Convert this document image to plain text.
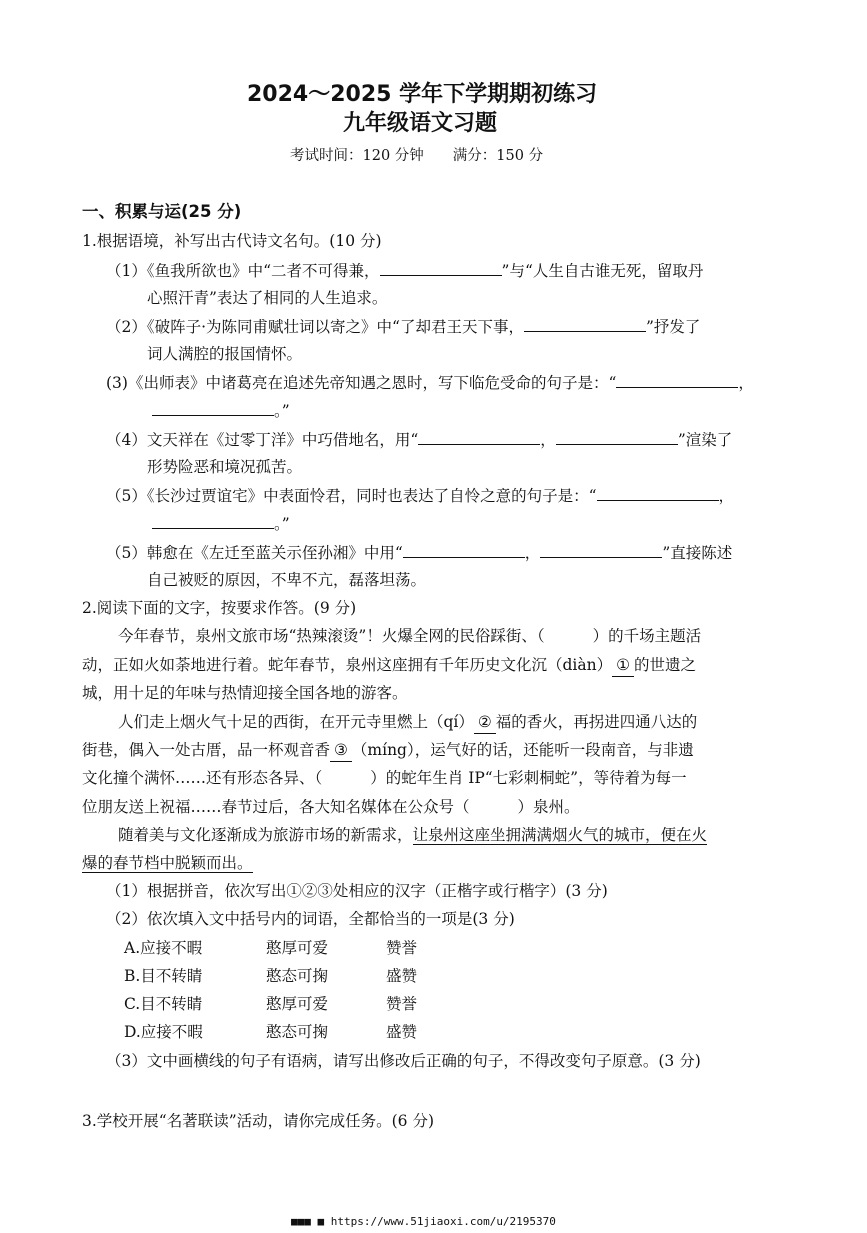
2024～2025 学年下学期期初练习
九年级语文习题
考试时间：120 分钟　　满分：150 分
一、积累与运(25 分)
1.根据语境，补写出古代诗文名句。(10 分)
（1）《鱼我所欲也》中“二者不可得兼，	”与“人生自古谁无死，留取丹
心照汗青”表达了相同的人生追求。
（2）《破阵子·为陈同甫赋壮词以寄之》中“了却君王天下事，	”抒发了
词人满腔的报国情怀。
(3)《出师表》中诸葛亮在追述先帝知遇之恩时，写下临危受命的句子是：“	，
。”
（4）文天祥在《过零丁洋》中巧借地名，用“	，	”渲染了
形势险恶和境况孤苦。
（5）《长沙过贾谊宅》中表面怜君，同时也表达了自怜之意的句子是：“	，
。”
（5）韩愈在《左迁至蓝关示侄孙湘》中用“	，	”直接陈述
自己被贬的原因，不卑不亢，磊落坦荡。
2.阅读下面的文字，按要求作答。(9 分)
今年春节，泉州文旅市场“热辣滚烫”！火爆全网的民俗踩街、（	）的千场主题活
动，正如火如荼地进行着。蛇年春节，泉州这座拥有千年历史文化沉（diàn） ① 的世遗之
城，用十足的年味与热情迎接全国各地的游客。
人们走上烟火气十足的西街，在开元寺里燃上（qí） ② 福的香火，再拐进四通八达的
街巷，偶入一处古厝，品一杯观音香 ③ （míng），运气好的话，还能听一段南音，与非遗
文化撞个满怀……还有形态各异、（	）的蛇年生肖 IP“七彩刺桐蛇”，等待着为每一
位朋友送上祝福……春节过后，各大知名媒体在公众号（	）泉州。
随着美与文化逐渐成为旅游市场的新需求，让泉州这座坐拥满满烟火气的城市，便在火
爆的春节档中脱颖而出。
（1）根据拼音，依次写出①②③处相应的汉字（正楷字或行楷字）(3 分)
（2）依次填入文中括号内的词语，全都恰当的一项是(3 分)
A.应接不暇	憨厚可爱	赞誉
B.目不转睛	憨态可掬	盛赞
C.目不转睛	憨厚可爱	赞誉
D.应接不暇	憨态可掬	盛赞
（3）文中画横线的句子有语病，请写出修改后正确的句子，不得改变句子原意。(3 分)
3.学校开展“名著联读”活动，请你完成任务。(6 分)
■■■ ■ https://www.51jiaoxi.com/u/2195370
